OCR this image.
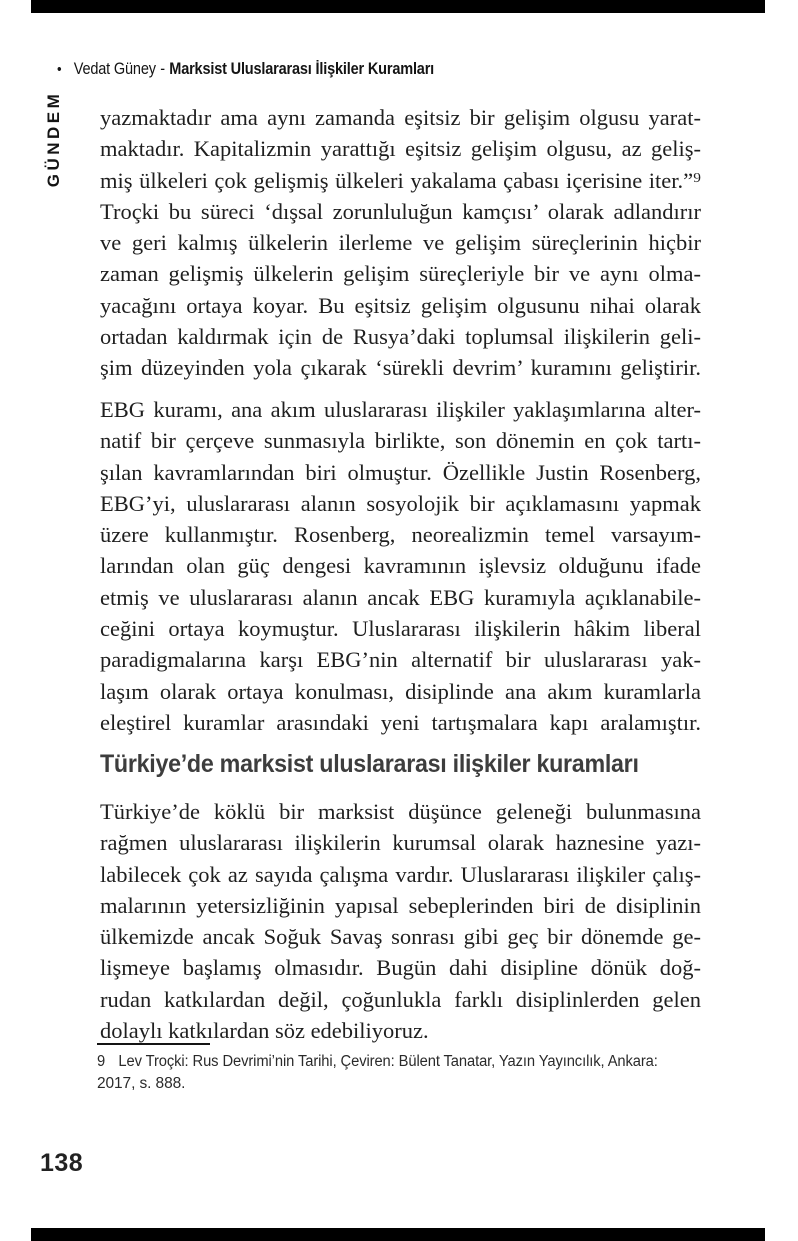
• Vedat Güney - Marksist Uluslararası İlişkiler Kuramları
GÜNDEM yazmaktadır ama aynı zamanda eşitsiz bir gelişim olgusu yarat-
maktadır. Kapitalizmin yarattığı eşitsiz gelişim olgusu, az geliş-
miş ülkeleri çok gelişmiş ülkeleri yakalama çabası içerisine iter.”⁹
Troçki bu süreci ‘dışsal zorunluluğun kamçısı’ olarak adlandırır
ve geri kalmış ülkelerin ilerleme ve gelişim süreçlerinin hiçbir
zaman gelişmiş ülkelerin gelişim süreçleriyle bir ve aynı olma-
yacağını ortaya koyar. Bu eşitsiz gelişim olgusunu nihai olarak
ortadan kaldırmak için de Rusya’daki toplumsal ilişkilerin geli-
şim düzeyinden yola çıkarak ‘sürekli devrim’ kuramını geliştirir.
EBG kuramı, ana akım uluslararası ilişkiler yaklaşımlarına alter-
natif bir çerçeve sunmasıyla birlikte, son dönemin en çok tartı-
şılan kavramlarından biri olmuştur. Özellikle Justin Rosenberg,
EBG’yi, uluslararası alanın sosyolojik bir açıklamasını yapmak
üzere kullanmıştır. Rosenberg, neorealizmin temel varsayım-
larından olan güç dengesi kavramının işlevsiz olduğunu ifade
etmiş ve uluslararası alanın ancak EBG kuramıyla açıklanabile-
ceğini ortaya koymuştur. Uluslararası ilişkilerin hâkim liberal
paradigmalarına karşı EBG’nin alternatif bir uluslararası yak-
laşım olarak ortaya konulması, disiplinde ana akım kuramlarla
eleştirel kuramlar arasındaki yeni tartışmalara kapı aralamıştır.
Türkiye’de marksist uluslararası ilişkiler kuramları
Türkiye’de köklü bir marksist düşünce geleneği bulunmasına
rağmen uluslararası ilişkilerin kurumsal olarak haznesine yazı-
labilecek çok az sayıda çalışma vardır. Uluslararası ilişkiler çalış-
malarının yetersizliğinin yapısal sebeplerinden biri de disiplinin
ülkemizde ancak Soğuk Savaş sonrası gibi geç bir dönemde ge-
lişmeye başlamış olmasıdır. Bugün dahi disipline dönük doğ-
rudan katkılardan değil, çoğunlukla farklı disiplinlerden gelen
dolaylı katkılardan söz edebiliyoruz.
9 Lev Troçki: Rus Devrimi’nin Tarihi, Çeviren: Bülent Tanatar, Yazın Yayıncılık, Ankara:
2017, s. 888.
138
